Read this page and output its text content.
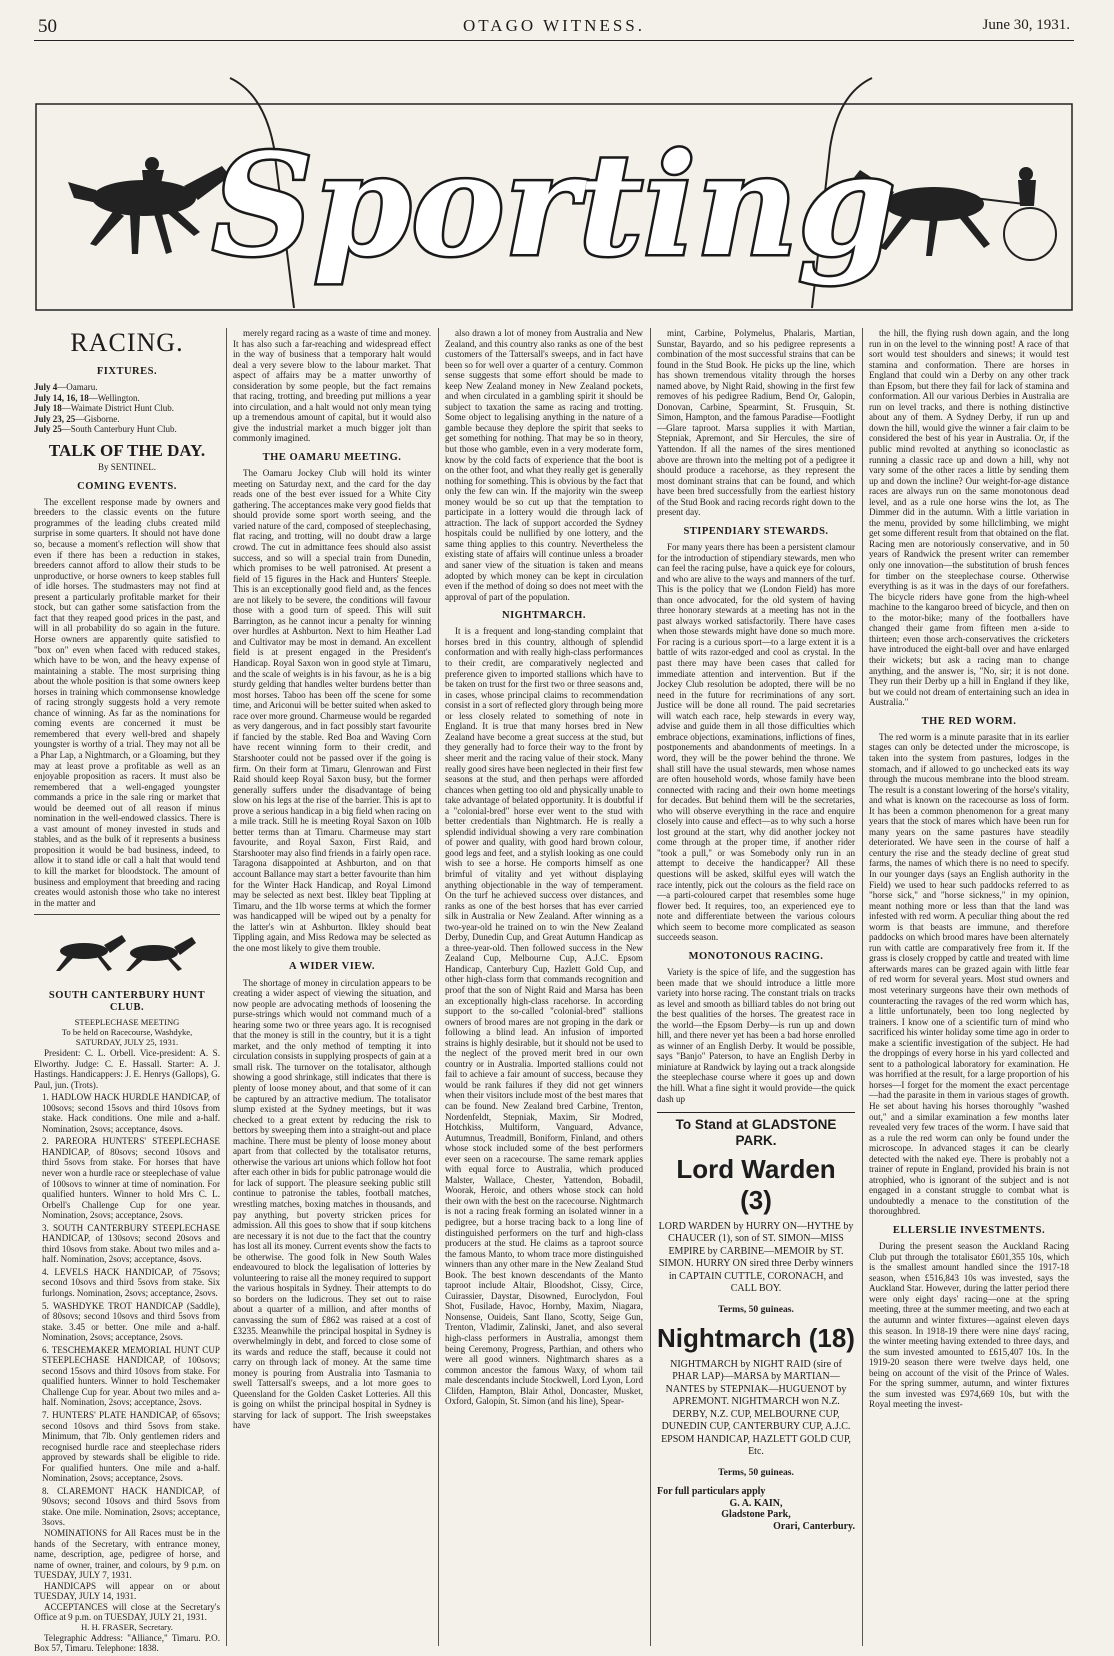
50	OTAGO WITNESS.	June 30, 1931.
Sporting
RACING.
FIXTURES.
July 4—Oamaru.
July 14, 16, 18—Wellington.
July 18—Waimate District Hunt Club.
July 23, 25—Gisborne.
July 25—South Canterbury Hunt Club.
TALK OF THE DAY.
By SENTINEL.
COMING EVENTS.

The excellent response made by owners and breeders to the classic events on the future programmes of the leading clubs created mild surprise in some quarters. It should not have done so, because a moment's reflection will show that even if there has been a reduction in stakes, breeders cannot afford to allow their studs to be unproductive, or horse owners to keep stables full of idle horses. The studmasters may not find at present a particularly profitable market for their stock, but can gather some satisfaction from the fact that they reaped good prices in the past, and will in all probability do so again in the future. Horse owners are apparently quite satisfied to "box on" even when faced with reduced stakes, which have to be won, and the heavy expense of maintaining a stable. The most surprising thing about the whole position is that some owners keep horses in training which commonsense knowledge of racing strongly suggests hold a very remote chance of winning. As far as the nominations for coming events are concerned it must be remembered that every well-bred and shapely youngster is worthy of a trial. They may not all be a Phar Lap, a Nightmarch, or a Gloaming, but they may at least prove a profitable as well as an enjoyable proposition as racers. It must also be remembered that a well-engaged youngster commands a price in the sale ring or market that would be deemed out of all reason if minus nomination in the well-endowed classics. There is a vast amount of money invested in studs and stables, and as the bulk of it represents a business proposition it would be bad business, indeed, to allow it to stand idle or call a halt that would tend to kill the market for bloodstock. The amount of business and employment that breeding and racing creates would astonish those who take no interest in the matter and

SOUTH CANTERBURY HUNT CLUB.
STEEPLECHASE MEETING
To be held on Racecourse, Washdyke,
SATURDAY, JULY 25, 1931.

President: C. L. Orbell. Vice-president: A. S. Elworthy. Judge: C. E. Hassall. Starter: A. J. Hastings. Handicappers: J. E. Henrys (Gallops), G. Paul, jun. (Trots).

1. HADLOW HACK HURDLE HANDICAP, of 100sovs; second 15sovs and third 10sovs from stake. Hack conditions. One mile and a-half. Nomination, 2sovs; acceptance, 4sovs.

2. PAREORA HUNTERS' STEEPLECHASE HANDICAP, of 80sovs; second 10sovs and third 5sovs from stake. For horses that have never won a hurdle race or steeplechase of value of 100sovs to winner at time of nomination. For qualified hunters. Winner to hold Mrs C. L. Orbell's Challenge Cup for one year. Nomination, 2sovs; acceptance, 2sovs.

3. SOUTH CANTERBURY STEEPLECHASE HANDICAP, of 130sovs; second 20sovs and third 10sovs from stake. About two miles and a-half. Nomination, 2sovs; acceptance, 4sovs.

4. LEVELS HACK HANDICAP, of 75sovs; second 10sovs and third 5sovs from stake. Six furlongs. Nomination, 2sovs; acceptance, 2sovs.

5. WASHDYKE TROT HANDICAP (Saddle), of 80sovs; second 10sovs and third 5sovs from stake. 3.45 or better. One mile and a-half. Nomination, 2sovs; acceptance, 2sovs.

6. TESCHEMAKER MEMORIAL HUNT CUP STEEPLECHASE HANDICAP, of 100sovs; second 15sovs and third 10sovs from stake. For qualified hunters. Winner to hold Teschemaker Challenge Cup for year. About two miles and a-half. Nomination, 2sovs; acceptance, 2sovs.

7. HUNTERS' PLATE HANDICAP, of 65sovs; second 10sovs and third 5sovs from stake. Minimum, that 7lb. Only gentlemen riders and recognised hurdle race and steeplechase riders approved by stewards shall be eligible to ride. For qualified hunters. One mile and a-half. Nomination, 2sovs; acceptance, 2sovs.

8. CLAREMONT HACK HANDICAP, of 90sovs; second 10sovs and third 5sovs from stake. One mile. Nomination, 2sovs; acceptance, 3sovs.

NOMINATIONS for All Races must be in the hands of the Secretary, with entrance money, name, description, age, pedigree of horse, and name of owner, trainer, and colours, by 9 p.m. on TUESDAY, JULY 7, 1931.

HANDICAPS will appear on or about TUESDAY, JULY 14, 1931.

ACCEPTANCES will close at the Secretary's Office at 9 p.m. on TUESDAY, JULY 21, 1931.

H. H. FRASER, Secretary.

Telegraphic Address: "Alliance," Timaru. P.O. Box 57, Timaru. Telephone: 1838.

merely regard racing as a waste of time and money. It has also such a far-reaching and widespread effect in the way of business that a temporary halt would deal a very severe blow to the labour market. That aspect of affairs may be a matter unworthy of consideration by some people, but the fact remains that racing, trotting, and breeding put millions a year into circulation, and a halt would not only mean tying up a tremendous amount of capital, but it would also give the industrial market a much bigger jolt than commonly imagined.

THE OAMARU MEETING.

The Oamaru Jockey Club will hold its winter meeting on Saturday next, and the card for the day reads one of the best ever issued for a White City gathering. The acceptances make very good fields that should provide some sport worth seeing, and the varied nature of the card, composed of steeplechasing, flat racing, and trotting, will no doubt draw a large crowd. The cut in admittance fees should also assist success, and so will a special train from Dunedin, which promises to be well patronised. At present a field of 15 figures in the Hack and Hunters' Steeple. This is an exceptionally good field and, as the fences are not likely to be severe, the conditions will favour those with a good turn of speed. This will suit Barrington, as he cannot incur a penalty for winning over hurdles at Ashburton. Next to him Heather Lad and Cultivator may be most in demand. An excellent field is at present engaged in the President's Handicap. Royal Saxon won in good style at Timaru, and the scale of weights is in his favour, as he is a big sturdy gelding that handles welter burdens better than most horses. Taboo has been off the scene for some time, and Ariconui will be better suited when asked to race over more ground. Charmeuse would be regarded as very dangerous, and in fact possibly start favourite if fancied by the stable. Red Boa and Waving Corn have recent winning form to their credit, and Starshooter could not be passed over if the going is firm. On their form at Timaru, Glenrowan and First Raid should keep Royal Saxon busy, but the former generally suffers under the disadvantage of being slow on his legs at the rise of the barrier. This is apt to prove a serious handicap in a big field when racing on a mile track. Still he is meeting Royal Saxon on 10lb better terms than at Timaru. Charmeuse may start favourite, and Royal Saxon, First Raid, and Starshooter may also find friends in a fairly open race. Taragona disappointed at Ashburton, and on that account Ballance may start a better favourite than him for the Winter Hack Handicap, and Royal Limond may be selected as next best. Ilkley beat Tippling at Timaru, and the 1lb worse terms at which the former was handicapped will be wiped out by a penalty for the latter's win at Ashburton. Ilkley should beat Tippling again, and Miss Redowa may be selected as the one most likely to give them trouble.

A WIDER VIEW.

The shortage of money in circulation appears to be creating a wider aspect of viewing the situation, and now people are advocating methods of loosening the purse-strings which would not command much of a hearing some two or three years ago. It is recognised that the money is still in the country, but it is a tight market, and the only method of tempting it into circulation consists in supplying prospects of gain at a small risk. The turnover on the totalisator, although showing a good shrinkage, still indicates that there is plenty of loose money about, and that some of it can be captured by an attractive medium. The totalisator slump existed at the Sydney meetings, but it was checked to a great extent by reducing the risk to bettors by sweeping them into a straight-out and place machine. There must be plenty of loose money about apart from that collected by the totalisator returns, otherwise the various art unions which follow hot foot after each other in bids for public patronage would die for lack of support. The pleasure seeking public still continue to patronise the tables, football matches, wrestling matches, boxing matches in thousands, and pay anything, but poverty stricken prices for admission. All this goes to show that if soup kitchens are necessary it is not due to the fact that the country has lost all its money. Current events show the facts to be otherwise. The good folk in New South Wales endeavoured to block the legalisation of lotteries by volunteering to raise all the money required to support the various hospitals in Sydney. Their attempts to do so borders on the ludicrous. They set out to raise about a quarter of a million, and after months of canvassing the sum of £862 was raised at a cost of £3235. Meanwhile the principal hospital in Sydney is overwhelmingly in debt, and forced to close some of its wards and reduce the staff, because it could not carry on through lack of money. At the same time money is pouring from Australia into Tasmania to swell Tattersall's sweeps, and a lot more goes to Queensland for the Golden Casket Lotteries. All this is going on whilst the principal hospital in Sydney is starving for lack of support. The Irish sweepstakes have

also drawn a lot of money from Australia and New Zealand, and this country also ranks as one of the best customers of the Tattersall's sweeps, and in fact have been so for well over a quarter of a century. Common sense suggests that some effort should be made to keep New Zealand money in New Zealand pockets, and when circulated in a gambling spirit it should be subject to taxation the same as racing and trotting. Some object to legalising anything in the nature of a gamble because they deplore the spirit that seeks to get something for nothing. That may be so in theory, but those who gamble, even in a very moderate form, know by the cold facts of experience that the boot is on the other foot, and what they really get is generally nothing for something. This is obvious by the fact that only the few can win. If the majority win the sweep money would be so cut up that the temptation to participate in a lottery would die through lack of attraction. The lack of support accorded the Sydney hospitals could be nullified by one lottery, and the same thing applies to this country. Nevertheless the existing state of affairs will continue unless a broader and saner view of the situation is taken and means adopted by which money can be kept in circulation even if the method of doing so does not meet with the approval of part of the population.

NIGHTMARCH.

It is a frequent and long-standing complaint that horses bred in this country, although of splendid conformation and with really high-class performances to their credit, are comparatively neglected and preference given to imported stallions which have to be taken on trust for the first two or three seasons and, in cases, whose principal claims to recommendation consist in a sort of reflected glory through being more or less closely related to something of note in England. It is true that many horses bred in New Zealand have become a great success at the stud, but they generally had to force their way to the front by sheer merit and the racing value of their stock. Many really good sires have been neglected in their first few seasons at the stud, and then perhaps were afforded chances when getting too old and physically unable to take advantage of belated opportunity. It is doubtful if a "colonial-bred" horse ever went to the stud with better credentials than Nightmarch. He is really a splendid individual showing a very rare combination of power and quality, with good hard brown colour, good legs and feet, and a stylish looking as one could wish to see a horse. He comports himself as one brimful of vitality and yet without displaying anything objectionable in the way of temperament. On the turf he achieved success over distances, and ranks as one of the best horses that has ever carried silk in Australia or New Zealand. After winning as a two-year-old he trained on to win the New Zealand Derby, Dunedin Cup, and Great Autumn Handicap as a three-year-old. Then followed success in the New Zealand Cup, Melbourne Cup, A.J.C. Epsom Handicap, Canterbury Cup, Hazlett Gold Cup, and other high-class form that commands recognition and proof that the son of Night Raid and Marsa has been an exceptionally high-class racehorse. In according support to the so-called "colonial-bred" stallions owners of brood mares are not groping in the dark or following a blind lead. An infusion of imported strains is highly desirable, but it should not be used to the neglect of the proved merit bred in our own country or in Australia. Imported stallions could not fail to achieve a fair amount of success, because they would be rank failures if they did not get winners when their visitors include most of the best mares that can be found. New Zealand bred Carbine, Trenton, Nordenfeldt, Stepniak, Maxim, Sir Modred, Hotchkiss, Multiform, Vanguard, Advance, Autumnus, Treadmill, Boniform, Finland, and others whose stock included some of the best performers ever seen on a racecourse. The same remark applies with equal force to Australia, which produced Malster, Wallace, Chester, Yattendon, Bobadil, Woorak, Heroic, and others whose stock can hold their own with the best on the racecourse. Nightmarch is not a racing freak forming an isolated winner in a pedigree, but a horse tracing back to a long line of distinguished performers on the turf and high-class producers at the stud. He claims as a taproot source the famous Manto, to whom trace more distinguished winners than any other mare in the New Zealand Stud Book. The best known descendants of the Manto taproot include Altair, Bloodshot, Cissy, Circe, Cuirassier, Daystar, Disowned, Euroclydon, Foul Shot, Fusilade, Havoc, Hornby, Maxim, Niagara, Nonsense, Ouideis, Sant Ilano, Scotty, Seige Gun, Trenton, Vladimir, Zalinski, Janet, and also several high-class performers in Australia, amongst them being Ceremony, Progress, Parthian, and others who were all good winners. Nightmarch shares as a common ancestor the famous Waxy, of whom tail male descendants include Stockwell, Lord Lyon, Lord Clifden, Hampton, Blair Athol, Doncaster, Musket, Oxford, Galopin, St. Simon (and his line), Spear-

mint, Carbine, Polymelus, Phalaris, Martian, Sunstar, Bayardo, and so his pedigree represents a combination of the most successful strains that can be found in the Stud Book. He picks up the line, which has shown tremendous vitality through the horses named above, by Night Raid, showing in the first few removes of his pedigree Radium, Bend Or, Galopin, Donovan, Carbine, Spearmint, St. Frusquin, St. Simon, Hampton, and the famous Paradise—Footlight—Glare taproot. Marsa supplies it with Martian, Stepniak, Apremont, and Sir Hercules, the sire of Yattendon. If all the names of the sires mentioned above are thrown into the melting pot of a pedigree it should produce a racehorse, as they represent the most dominant strains that can be found, and which have been bred successfully from the earliest history of the Stud Book and racing records right down to the present day.

STIPENDIARY STEWARDS.

For many years there has been a persistent clamour for the introduction of stipendiary stewards, men who can feel the racing pulse, have a quick eye for colours, and who are alive to the ways and manners of the turf. This is the policy that we (London Field) has more than once advocated, for the old system of having three honorary stewards at a meeting has not in the past always worked satisfactorily. There have cases when those stewards might have done so much more. For racing is a curious sport—to a large extent it is a battle of wits razor-edged and cool as crystal. In the past there may have been cases that called for immediate attention and intervention. But if the Jockey Club resolution be adopted, there will be no need in the future for recriminations of any sort. Justice will be done all round. The paid secretaries will watch each race, help stewards in every way, advise and guide them in all those difficulties which embrace objections, examinations, inflictions of fines, postponements and abandonments of meetings. In a word, they will be the power behind the throne. We shall still have the usual stewards, men whose names are often household words, whose family have been connected with racing and their own home meetings for decades. But behind them will be the secretaries, who will observe everything in the race and enquire closely into cause and effect—as to why such a horse lost ground at the start, why did another jockey not come through at the proper time, if another rider "took a pull," or was Somebody only run in an attempt to deceive the handicapper? All these questions will be asked, skilful eyes will watch the race intently, pick out the colours as the field race on—a parti-coloured carpet that resembles some huge flower bed. It requires, too, an experienced eye to note and differentiate between the various colours which seem to become more complicated as season succeeds season.

MONOTONOUS RACING.

Variety is the spice of life, and the suggestion has been made that we should introduce a little more variety into horse racing. The constant trials on tracks as level and smooth as billiard tables do not bring out the best qualities of the horses. The greatest race in the world—the Epsom Derby—is run up and down hill, and there never yet has been a bad horse enrolled as winner of an English Derby. It would be possible, says "Banjo" Paterson, to have an English Derby in miniature at Randwick by laying out a track alongside the steeplechase course where it goes up and down the hill. What a fine sight it would provide—the quick dash up

To Stand at GLADSTONE PARK.
Lord Warden (3)
LORD WARDEN by HURRY ON—HYTHE by CHAUCER (1), son of ST. SIMON—MISS EMPIRE by CARBINE—MEMOIR by ST. SIMON. HURRY ON sired three Derby winners in CAPTAIN CUTTLE, CORONACH, and CALL BOY.
Terms, 50 guineas.
Nightmarch (18)
NIGHTMARCH by NIGHT RAID (sire of PHAR LAP)—MARSA by MARTIAN—NANTES by STEPNIAK—HUGUENOT by APREMONT. NIGHTMARCH won N.Z. DERBY, N.Z. CUP, MELBOURNE CUP, DUNEDIN CUP, CANTERBURY CUP, A.J.C. EPSOM HANDICAP, HAZLETT GOLD CUP, Etc.
Terms, 50 guineas.
For full particulars apply
G. A. KAIN,
Gladstone Park,
Orari, Canterbury.

the hill, the flying rush down again, and the long run in on the level to the winning post! A race of that sort would test shoulders and sinews; it would test stamina and conformation. There are horses in England that could win a Derby on any other track than Epsom, but there they fail for lack of stamina and conformation. All our various Derbies in Australia are run on level tracks, and there is nothing distinctive about any of them. A Sydney Derby, if run up and down the hill, would give the winner a fair claim to be considered the best of his year in Australia. Or, if the public mind revolted at anything so iconoclastic as running a classic race up and down a hill, why not vary some of the other races a little by sending them up and down the incline? Our weight-for-age distance races are always run on the same monotonous dead level, and as a rule one horse wins the lot, as The Dimmer did in the autumn. With a little variation in the menu, provided by some hillclimbing, we might get some different result from that obtained on the flat. Racing men are notoriously conservative, and in 50 years of Randwick the present writer can remember only one innovation—the substitution of brush fences for timber on the steeplechase course. Otherwise everything is as it was in the days of our forefathers. The bicycle riders have gone from the high-wheel machine to the kangaroo breed of bicycle, and then on to the motor-bike; many of the footballers have changed their game from fifteen men a-side to thirteen; even those arch-conservatives the cricketers have introduced the eight-ball over and have enlarged their wickets; but ask a racing man to change anything, and the answer is, "No, sir; it is not done. They run their Derby up a hill in England if they like, but we could not dream of entertaining such an idea in Australia."

THE RED WORM.

The red worm is a minute parasite that in its earlier stages can only be detected under the microscope, is taken into the system from pastures, lodges in the stomach, and if allowed to go unchecked eats its way through the mucous membrane into the blood stream. The result is a constant lowering of the horse's vitality, and what is known on the racecourse as loss of form. It has been a common phenomenon for a great many years that the stock of mares which have been run for many years on the same pastures have steadily deteriorated. We have seen in the course of half a century the rise and the steady decline of great stud farms, the names of which there is no need to specify. In our younger days (says an English authority in the Field) we used to hear such paddocks referred to as "horse sick," and "horse sickness," in my opinion, meant nothing more or less than that the land was infested with red worm. A peculiar thing about the red worm is that beasts are immune, and therefore paddocks on which brood mares have been alternately run with cattle are comparatively free from it. If the grass is closely cropped by cattle and treated with lime afterwards mares can be grazed again with little fear of red worm for several years. Most stud owners and most veterinary surgeons have their own methods of counteracting the ravages of the red worm which has, a little unfortunately, been too long neglected by trainers. I know one of a scientific turn of mind who sacrificed his winter holiday some time ago in order to make a scientific investigation of the subject. He had the droppings of every horse in his yard collected and sent to a pathological laboratory for examination. He was horrified at the result, for a large proportion of his horses—I forget for the moment the exact percentage—had the parasite in them in various stages of growth. He set about having his horses thoroughly "washed out," and a similar examination a few months later revealed very few traces of the worm. I have said that as a rule the red worm can only be found under the microscope. In advanced stages it can be clearly detected with the naked eye. There is probably not a trainer of repute in England, provided his brain is not atrophied, who is ignorant of the subject and is not engaged in a constant struggle to combat what is undoubtedly a menace to the constitution of the thoroughbred.

ELLERSLIE INVESTMENTS.

During the present season the Auckland Racing Club put through the totalisator £601,355 10s, which is the smallest amount handled since the 1917-18 season, when £516,843 10s was invested, says the Auckland Star. However, during the latter period there were only eight days' racing—one at the spring meeting, three at the summer meeting, and two each at the autumn and winter fixtures—against eleven days this season. In 1918-19 there were nine days' racing, the winter meeting having extended to three days, and the sum invested amounted to £615,407 10s. In the 1919-20 season there were twelve days held, one being on account of the visit of the Prince of Wales. For the spring summer, autumn, and winter fixtures the sum invested was £974,669 10s, but with the Royal meeting the invest-
